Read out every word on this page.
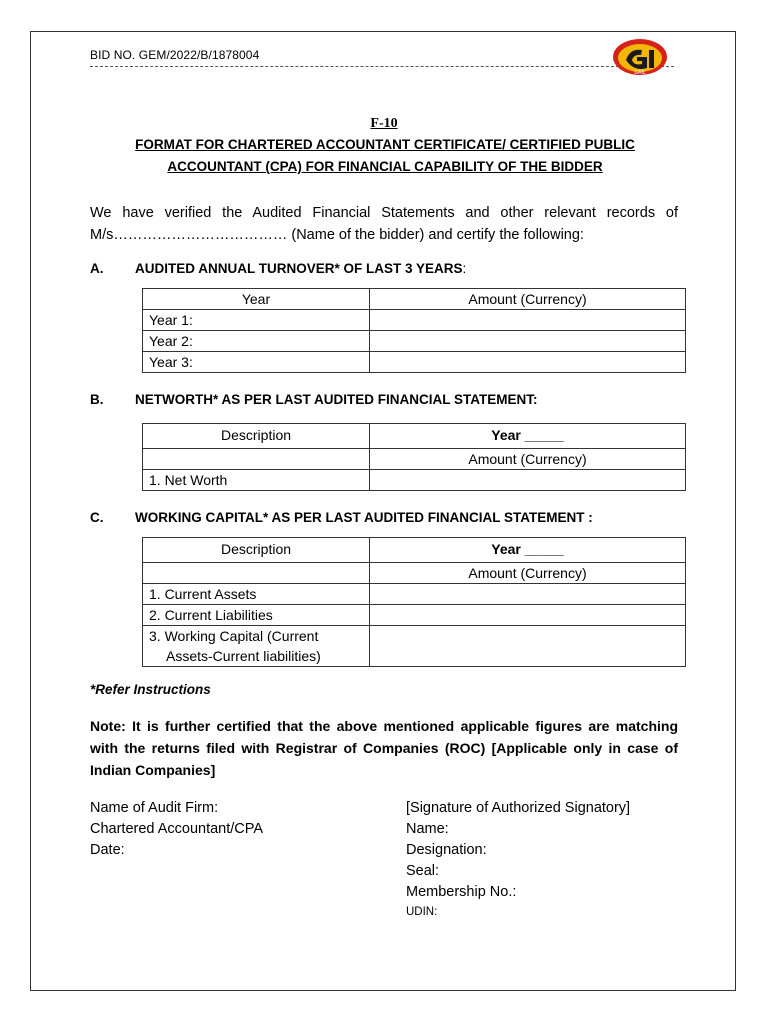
BID NO. GEM/2022/B/1878004
GAIL
F-10
FORMAT FOR CHARTERED ACCOUNTANT CERTIFICATE/ CERTIFIED PUBLIC
ACCOUNTANT (CPA) FOR FINANCIAL CAPABILITY OF THE BIDDER
We have verified the Audited Financial Statements and other relevant records of M/s……………………………… (Name of the bidder) and certify the following:
A. AUDITED ANNUAL TURNOVER* OF LAST 3 YEARS:
Year	Amount (Currency)
Year 1:	
Year 2:	
Year 3:	
B. NETWORTH* AS PER LAST AUDITED FINANCIAL STATEMENT:
Description	Year _____
	Amount (Currency)
1. Net Worth	
C. WORKING CAPITAL* AS PER LAST AUDITED FINANCIAL STATEMENT :
Description	Year _____
	Amount (Currency)
1. Current Assets	
2. Current Liabilities	

3. Working Capital (Current
Assets-Current liabilities)	

*Refer Instructions
Note: It is further certified that the above mentioned applicable figures are matching with the returns filed with Registrar of Companies (ROC) [Applicable only in case of Indian Companies]
Name of Audit Firm:
Chartered Accountant/CPA
Date:
[Signature of Authorized Signatory]
Name:
Designation:
Seal:
Membership No.:
UDIN:
